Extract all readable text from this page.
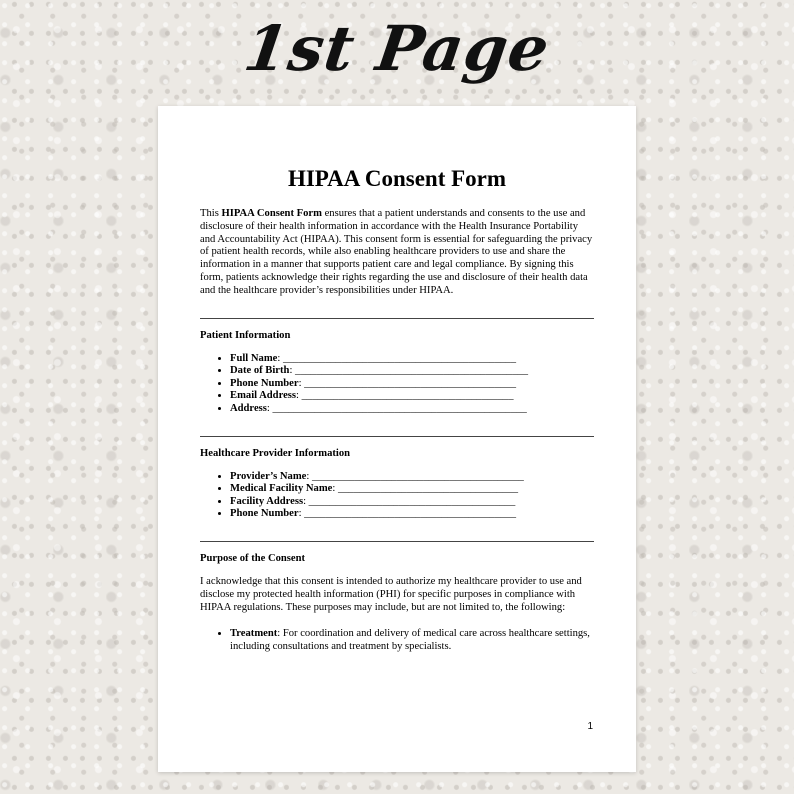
1st Page
HIPAA Consent Form

This HIPAA Consent Form ensures that a patient understands and consents to the use and disclosure of their health information in accordance with the Health Insurance Portability and Accountability Act (HIPAA). This consent form is essential for safeguarding the privacy of patient health records, while also enabling healthcare providers to use and share the information in a manner that supports patient care and legal compliance. By signing this form, patients acknowledge their rights regarding the use and disclosure of their health data and the healthcare provider’s responsibilities under HIPAA.

Patient Information
• Full Name: ____________________________________________
• Date of Birth: ____________________________________________
• Phone Number: ________________________________________
• Email Address: ________________________________________
• Address: ________________________________________________
Healthcare Provider Information
• Provider’s Name: ________________________________________
• Medical Facility Name: __________________________________
• Facility Address: _______________________________________
• Phone Number: ________________________________________
Purpose of the Consent

I acknowledge that this consent is intended to authorize my healthcare provider to use and disclose my protected health information (PHI) for specific purposes in compliance with HIPAA regulations. These purposes may include, but are not limited to, the following:

• Treatment: For coordination and delivery of medical care across healthcare settings, including consultations and treatment by specialists.
1
